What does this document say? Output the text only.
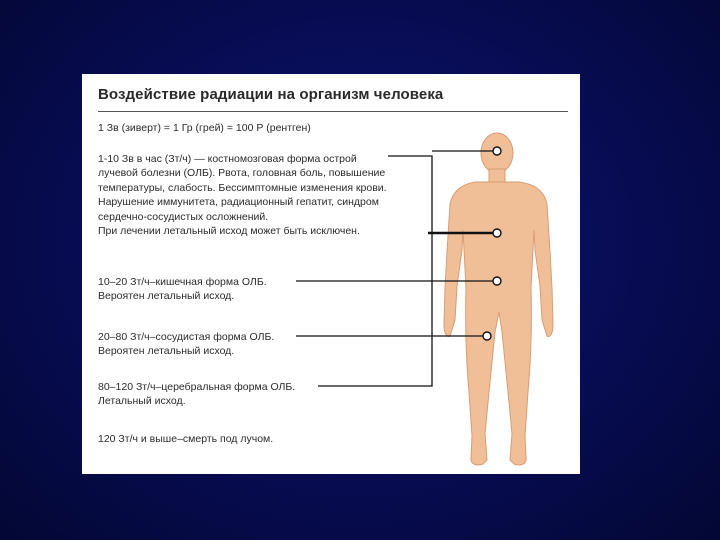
Воздействие радиации на организм человека
1 Зв (зиверт) = 1 Гр (грей) = 100 Р (рентген)
1-10 Зв в час (Зт/ч) — костномозговая форма острой
лучевой болезни (ОЛБ). Рвота, головная боль, повышение
температуры, слабость. Бессимптомные изменения крови.
Нарушение иммунитета, радиационный гепатит, синдром
сердечно-сосудистых осложнений.
При лечении летальный исход может быть исключен.
10–20 Зт/ч–кишечная форма ОЛБ.
Вероятен летальный исход.
20–80 Зт/ч–сосудистая форма ОЛБ.
Вероятен летальный исход.
80–120 Зт/ч–церебральная форма ОЛБ.
Летальный исход.
120 Зт/ч и выше–смерть под лучом.
